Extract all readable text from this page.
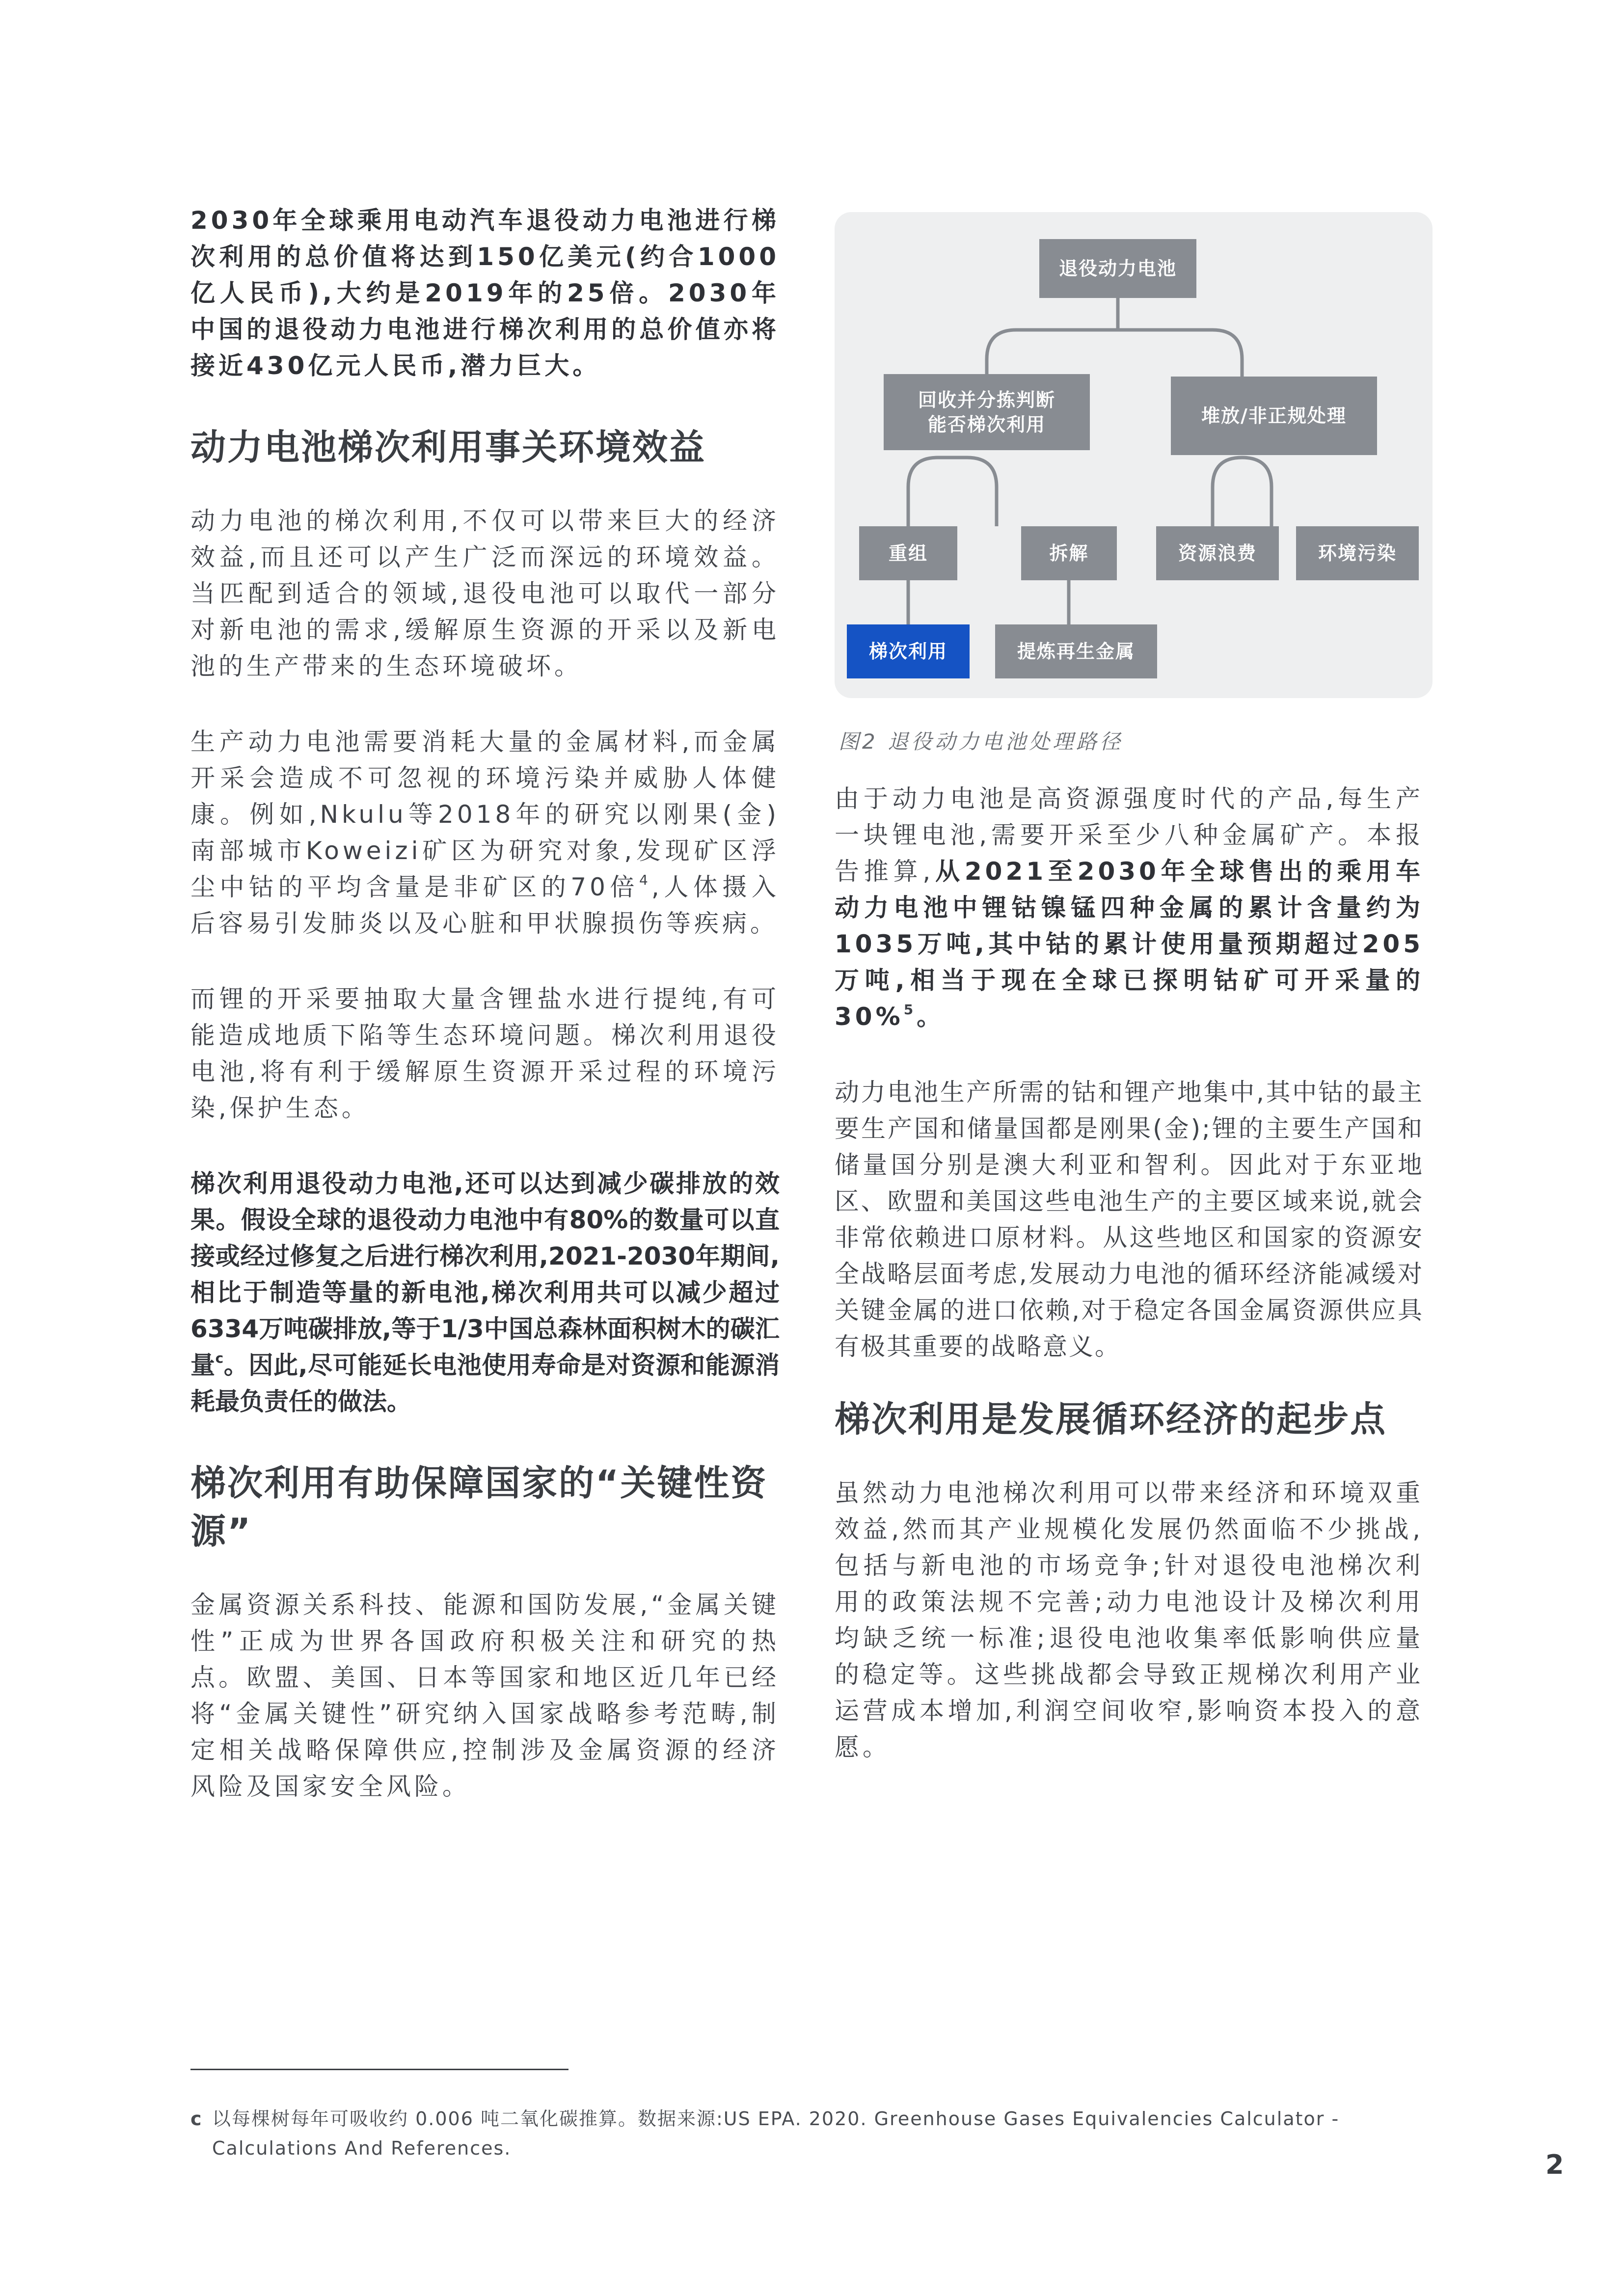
2030年全球乘用电动汽车退役动力电池进行梯次利用的总价值将达到150亿美元(约合1000亿人民币),大约是2019年的25倍。2030年中国的退役动力电池进行梯次利用的总价值亦将接近430亿元人民币,潜力巨大。

动力电池梯次利用事关环境效益

动力电池的梯次利用,不仅可以带来巨大的经济效益,而且还可以产生广泛而深远的环境效益。当匹配到适合的领域,退役电池可以取代一部分对新电池的需求,缓解原生资源的开采以及新电池的生产带来的生态环境破坏。

生产动力电池需要消耗大量的金属材料,而金属开采会造成不可忽视的环境污染并威胁人体健康。例如,Nkulu等2018年的研究以刚果(金)南部城市Koweizi矿区为研究对象,发现矿区浮尘中钴的平均含量是非矿区的70倍$^4$,人体摄入后容易引发肺炎以及心脏和甲状腺损伤等疾病。

而锂的开采要抽取大量含锂盐水进行提纯,有可能造成地质下陷等生态环境问题。梯次利用退役电池,将有利于缓解原生资源开采过程的环境污染,保护生态。

梯次利用退役动力电池,还可以达到减少碳排放的效果。假设全球的退役动力电池中有80%的数量可以直接或经过修复之后进行梯次利用,2021-2030年期间,相比于制造等量的新电池,梯次利用共可以减少超过6334万吨碳排放,等于1/3中国总森林面积树木的碳汇量$^c$。因此,尽可能延长电池使用寿命是对资源和能源消耗最负责任的做法。

梯次利用有助保障国家的“关键性资源”

金属资源关系科技、能源和国防发展,“金属关键性”正成为世界各国政府积极关注和研究的热点。欧盟、美国、日本等国家和地区近几年已经将“金属关键性”研究纳入国家战略参考范畴,制定相关战略保障供应,控制涉及金属资源的经济风险及国家安全风险。

退役动力电池
回收并分拣判断
能否梯次利用	堆放/非正规处理
重组	拆解	资源浪费	环境污染
梯次利用	提炼再生金属
图2 退役动力电池处理路径

由于动力电池是高资源强度时代的产品,每生产一块锂电池,需要开采至少八种金属矿产。本报告推算,从2021至2030年全球售出的乘用车动力电池中锂钴镍锰四种金属的累计含量约为1035万吨,其中钴的累计使用量预期超过205万吨,相当于现在全球已探明钴矿可开采量的30%$^5$。

动力电池生产所需的钴和锂产地集中,其中钴的最主要生产国和储量国都是刚果(金);锂的主要生产国和储量国分别是澳大利亚和智利。因此对于东亚地区、欧盟和美国这些电池生产的主要区域来说,就会非常依赖进口原材料。从这些地区和国家的资源安全战略层面考虑,发展动力电池的循环经济能减缓对关键金属的进口依赖,对于稳定各国金属资源供应具有极其重要的战略意义。

梯次利用是发展循环经济的起步点

虽然动力电池梯次利用可以带来经济和环境双重效益,然而其产业规模化发展仍然面临不少挑战,包括与新电池的市场竞争;针对退役电池梯次利用的政策法规不完善;动力电池设计及梯次利用均缺乏统一标准;退役电池收集率低影响供应量的稳定等。这些挑战都会导致正规梯次利用产业运营成本增加,利润空间收窄,影响资本投入的意愿。

c 以每棵树每年可吸收约 0.006 吨二氧化碳推算。数据来源:US EPA. 2020. Greenhouse Gases Equivalencies Calculator -
Calculations And References.
2
